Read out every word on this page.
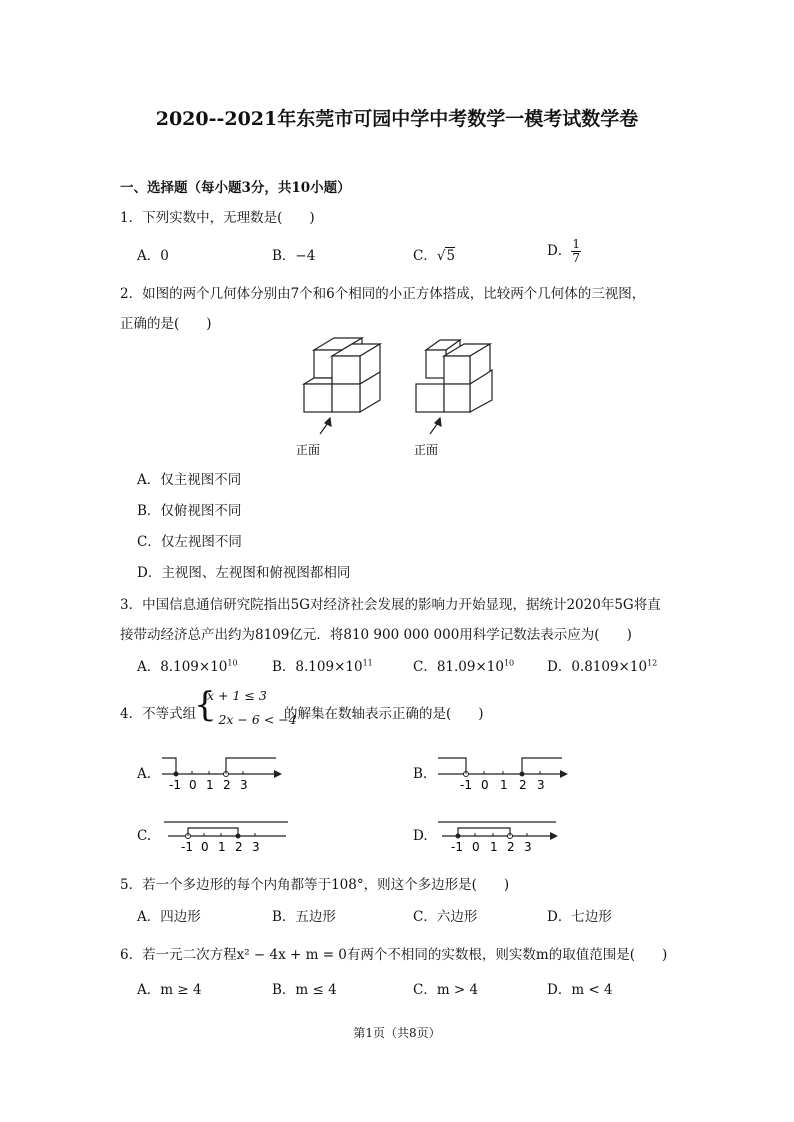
2020--2021年东莞市可园中学中考数学一模考试数学卷
一、选择题（每小题3分，共10小题）
1．下列实数中，无理数是(　　)
A．0	B．−4	C．√5	D． $\frac{1}{7}$
2．如图的两个几何体分别由7个和6个相同的小正方体搭成，比较两个几何体的三视图，
正确的是(　　)
正面	正面
A．仅主视图不同
B．仅俯视图不同
C．仅左视图不同
D．主视图、左视图和俯视图都相同
3．中国信息通信研究院指出5G对经济社会发展的影响力开始显现，据统计2020年5G将直
接带动经济总产出约为8109亿元．将810 900 000 000用科学记数法表示应为(　　)
A．$8.109\times 10^{10}$	B．$8.109\times 10^{11}$	C．$81.09\times 10^{10}$ D．$0.8109\times 10^{12}$
4．不等式组
{
x + 1 ≤ 3
− 2x − 6 < −4
的解集在数轴表示正确的是(　　)
A.
-1 0 1 2 3
B.
-1 0 1 2 3
C.
-1 0 1 2 3
D.
-1 0 1 2 3
5．若一个多边形的每个内角都等于108°，则这个多边形是(　　)
A．四边形	B．五边形	C．六边形	D．七边形
6．若一元二次方程x² − 4x + m = 0有两个不相同的实数根，则实数m的取值范围是(　　)
A．m ≥ 4	B．m ≤ 4	C．m > 4	D．m < 4
第1页（共8页）
